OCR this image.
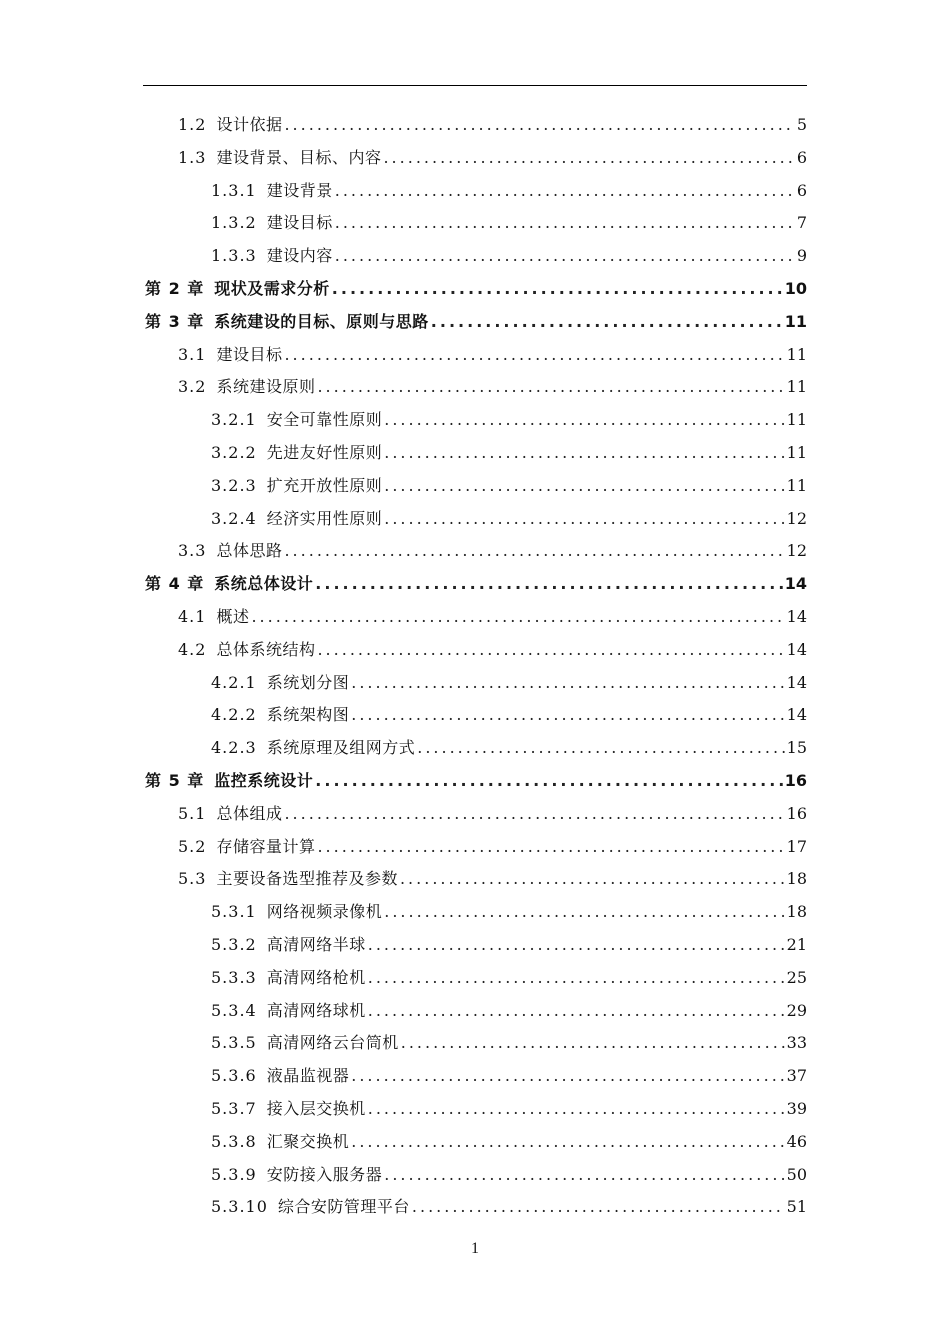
1.2 设计依据 .....	5
1.3 建设背景、目标、内容 .....	6
1.3.1 建设背景 .....	6
1.3.2 建设目标 .....	7
1.3.3 建设内容 .....	9
第 2 章 现状及需求分析 .....	10
第 3 章 系统建设的目标、原则与思路 .....	11
3.1 建设目标 .....	11
3.2 系统建设原则 .....	11
3.2.1 安全可靠性原则 .....	11
3.2.2 先进友好性原则 .....	11
3.2.3 扩充开放性原则 .....	11
3.2.4 经济实用性原则 .....	12
3.3 总体思路 .....	12
第 4 章 系统总体设计 .....	14
4.1 概述 .....	14
4.2 总体系统结构 .....	14
4.2.1 系统划分图 .....	14
4.2.2 系统架构图 .....	14
4.2.3 系统原理及组网方式 .....	15
第 5 章 监控系统设计 .....	16
5.1 总体组成 .....	16
5.2 存储容量计算 .....	17
5.3 主要设备选型推荐及参数 .....	18
5.3.1 网络视频录像机 .....	18
5.3.2 高清网络半球 .....	21
5.3.3 高清网络枪机 .....	25
5.3.4 高清网络球机 .....	29
5.3.5 高清网络云台筒机 .....	33
5.3.6 液晶监视器 .....	37
5.3.7 接入层交换机 .....	39
5.3.8 汇聚交换机 .....	46
5.3.9 安防接入服务器 .....	50
5.3.10 综合安防管理平台 .....	51
1
